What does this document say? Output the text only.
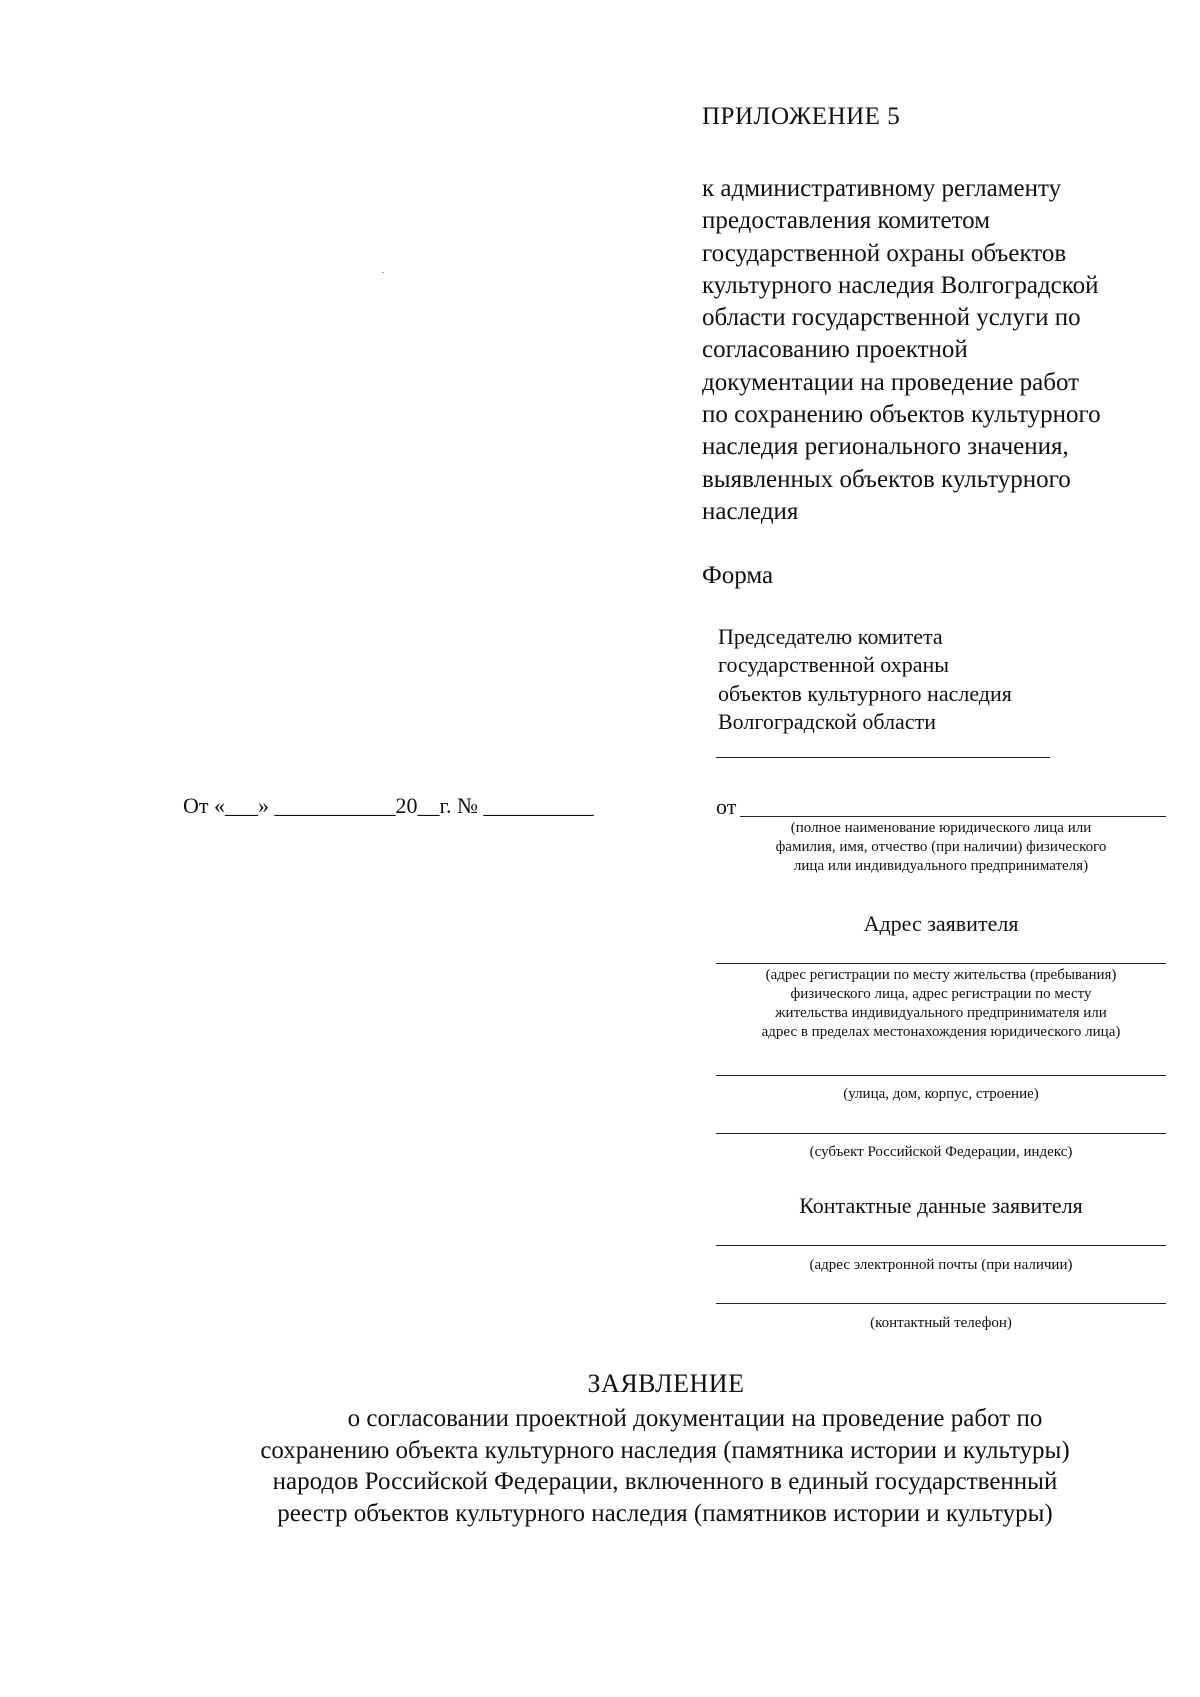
ПРИЛОЖЕНИЕ 5
к административному регламенту
предоставления комитетом
государственной охраны объектов
культурного наследия Волгоградской
области государственной услуги по
согласованию проектной
документации на проведение работ
по сохранению объектов культурного
наследия регионального значения,
выявленных объектов культурного
наследия
Форма
Председателю комитета
государственной охраны
объектов культурного наследия
Волгоградской области
От «___» ___________20__г. № __________	от
(полное наименование юридического лица или
фамилия, имя, отчество (при наличии) физического
лица или индивидуального предпринимателя)
Адрес заявителя
(адрес регистрации по месту жительства (пребывания)
физического лица, адрес регистрации по месту
жительства индивидуального предпринимателя или
адрес в пределах местонахождения юридического лица)
(улица, дом, корпус, строение)
(субъект Российской Федерации, индекс)
Контактные данные заявителя
(адрес электронной почты (при наличии)
(контактный телефон)
ЗАЯВЛЕНИЕ
о согласовании проектной документации на проведение работ по
сохранению объекта культурного наследия (памятника истории и культуры)
народов Российской Федерации, включенного в единый государственный
реестр объектов культурного наследия (памятников истории и культуры)
